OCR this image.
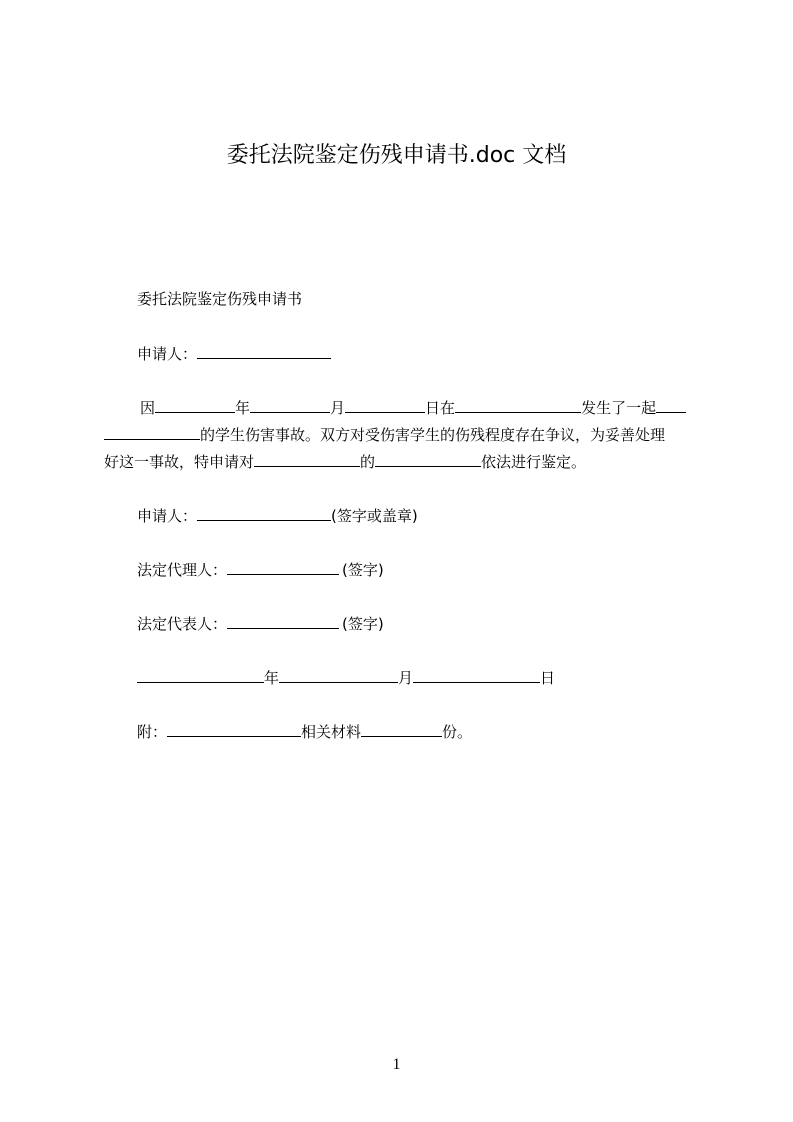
委托法院鉴定伤残申请书.doc 文档
委托法院鉴定伤残申请书
申请人：
因	年	月	日在	发生了一起
的学生伤害事故。双方对受伤害学生的伤残程度存在争议，为妥善处理
好这一事故，特申请对	的	依法进行鉴定。
申请人：	(签字或盖章)
法定代理人：	(签字)
法定代表人：	(签字)
年	月	日
附：	相关材料	份。
1
